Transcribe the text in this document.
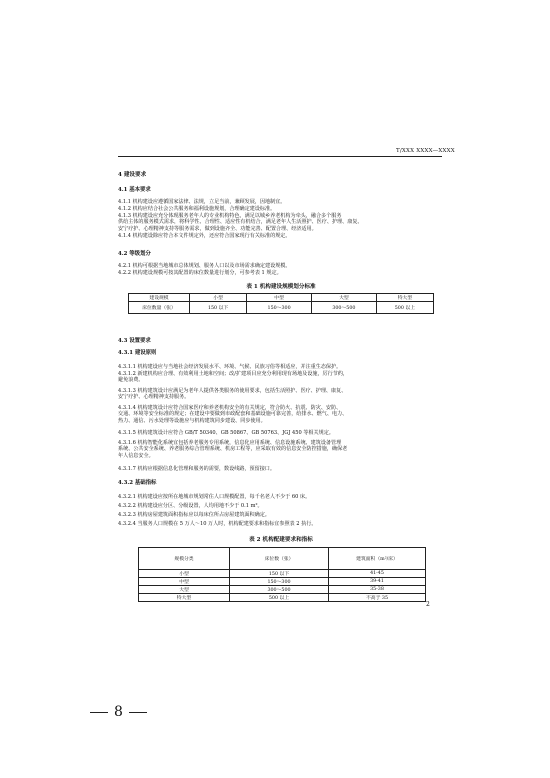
T/XXX XXXX—XXXX
4 建设要求
4.1 基本要求
4.1.1 机构建设应遵循国家法律、法规，立足当前，兼顾发展，因地制宜。
4.1.2 机构应结合社会公共服务和福利设施规划，合理确定建设标准。
4.1.3 机构建设应充分体现服务老年人的专业机构特色，满足以城乡养老机构为牵头，融合多个服务
供给主体的服务模式需求，将科学性、合理性、适应性有机结合，满足老年人生活照护、医疗、护理、康复、
安宁疗护、心理精神支持等服务需求，做到设施齐全、功能完善、配置合理、经济适用。
4.1.4 机构建设除应符合本文件规定外，还应符合国家现行有关标准的规定。
4.2 等级划分
4.2.1 机构可根据当地城市总体规划、服务人口以及市场需求确定建设规模。
4.2.2 机构建设规模可按其配置的床位数量进行划分，可参考表 1 规定。
表 1 机构建设规模划分标准
建设规模	小型	中型	大型	特大型
床位数量（张）	150 以下	150～300	300～500	500 以上
4.3 设置要求
4.3.1 建设原则
4.3.1.1 机构建设应与当地社会经济发展水平、环境、气候、民族习俗等相适应，并注重生态保护。
4.3.1.2 新建机构应合理、有效利用土地和空间；改/扩建项目应充分利用现有场地及设施，厉行节约，
避免浪费。
4.3.1.3 机构建筑设计应满足为老年人提供各类服务的使用要求，包括生活照护、医疗、护理、康复、
安宁疗护、心理精神支持服务。
4.3.1.4 机构建筑设计应符合国家医疗和养老机构安全的有关规定，符合防火、抗震、防灾、安防、
交通、环境等安全标准的规定；在建设中要做到市政配套和基础设施可靠完善，给排水、燃气、电力、
热力、通信、污水处理等设施应与机构建筑同步建设、同步使用。
4.3.1.5 机构建筑设计应符合 GB/T 50340、GB 50867、GB 50763、JGJ 450 等相关规定。
4.3.1.6 机构智能化系统宜包括养老服务专用系统，信息化应用系统、信息设施系统、建筑设备管理
系统、公共安全系统、养老服务综合管理系统、机房工程等，应采取有效的信息安全防控措施，确保老
年人信息安全。
4.3.1.7 机构应根据信息化管理和服务的需要，数设线路，预留接口。
4.3.2 基础指标
4.3.2.1 机构建设应按所在地城市规划常住人口规模配置，每千名老人不少于 60 床。
4.3.2.2 机构建设应分区、分级设置，人均用地不少于 0.1 m²。
4.3.2.3 机构房屋建筑面积指标应以每床位所占房屋建筑面积确定。
4.3.2.4 当服务人口规模在 5 万人～10 万人时，机构配建要求和指标宜参照表 2 执行。
表 2 机构配建要求和指标
规模分类	床位数（张）	建筑面积（m²/床）
小型	150 以下	41-45
中型	150～300	39-41
大型	300～500	35-38
特大型	500 以上	不高于 35
2
8
